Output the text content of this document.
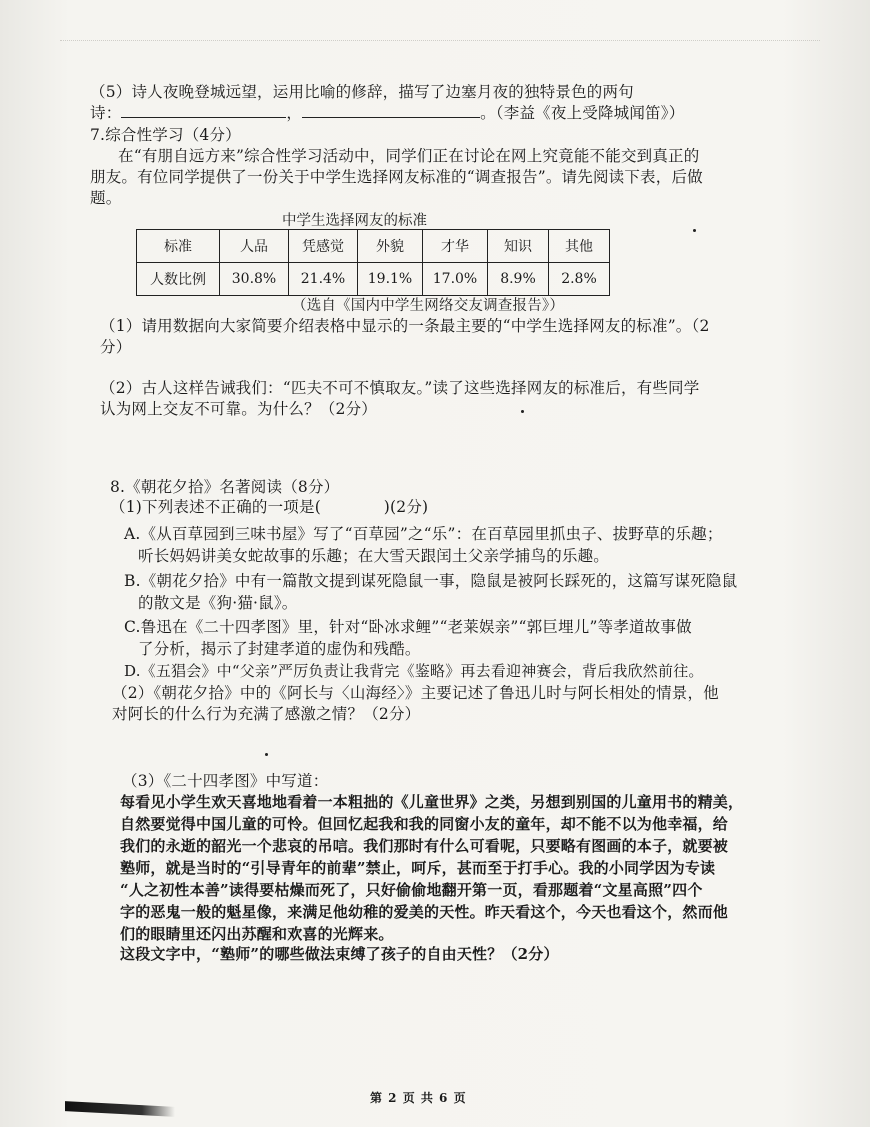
（5）诗人夜晚登城远望，运用比喻的修辞，描写了边塞月夜的独特景色的两句
诗：	，	。（李益《夜上受降城闻笛》）
7.综合性学习（4分）
在“有朋自远方来”综合性学习活动中，同学们正在讨论在网上究竟能不能交到真正的
朋友。有位同学提供了一份关于中学生选择网友标准的“调查报告”。请先阅读下表，后做
题。
中学生选择网友的标准
标准	人品	凭感觉	外貌	才华	知识	其他
人数比例	30.8%	21.4%	19.1%	17.0%	8.9%	2.8%
（选自《国内中学生网络交友调查报告》）
（1）请用数据向大家简要介绍表格中显示的一条最主要的“中学生选择网友的标准”。（2
分）
（2）古人这样告诫我们：“匹夫不可不慎取友。”读了这些选择网友的标准后，有些同学
认为网上交友不可靠。为什么？（2分）
8.《朝花夕拾》名著阅读（8分）
（1)下列表述不正确的一项是(　　　　)(2分)
A.《从百草园到三味书屋》写了“百草园”之“乐”：在百草园里抓虫子、拔野草的乐趣；
听长妈妈讲美女蛇故事的乐趣；在大雪天跟闰土父亲学捕鸟的乐趣。
B.《朝花夕拾》中有一篇散文提到谋死隐鼠一事，隐鼠是被阿长踩死的，这篇写谋死隐鼠
的散文是《狗·猫·鼠》。
C.鲁迅在《二十四孝图》里，针对“卧冰求鲤”“老莱娱亲”“郭巨埋儿”等孝道故事做
了分析，揭示了封建孝道的虚伪和残酷。
D.《五猖会》中“父亲”严厉负责让我背完《鉴略》再去看迎神赛会，背后我欣然前往。
（2）《朝花夕拾》中的《阿长与〈山海经〉》主要记述了鲁迅儿时与阿长相处的情景，他
对阿长的什么行为充满了感激之情？（2分）
（3）《二十四孝图》中写道：
每看见小学生欢天喜地地看着一本粗拙的《儿童世界》之类，另想到别国的儿童用书的精美，
自然要觉得中国儿童的可怜。但回忆起我和我的同窗小友的童年，却不能不以为他幸福，给
我们的永逝的韶光一个悲哀的吊唁。我们那时有什么可看呢，只要略有图画的本子，就要被
塾师，就是当时的“引导青年的前辈”禁止，呵斥，甚而至于打手心。我的小同学因为专读
“人之初性本善”读得要枯燥而死了，只好偷偷地翻开第一页，看那题着“文星高照”四个
字的恶鬼一般的魁星像，来满足他幼稚的爱美的天性。昨天看这个，今天也看这个，然而他
们的眼睛里还闪出苏醒和欢喜的光辉来。
这段文字中，“塾师”的哪些做法束缚了孩子的自由天性？（2分）
第 2 页 共 6 页
